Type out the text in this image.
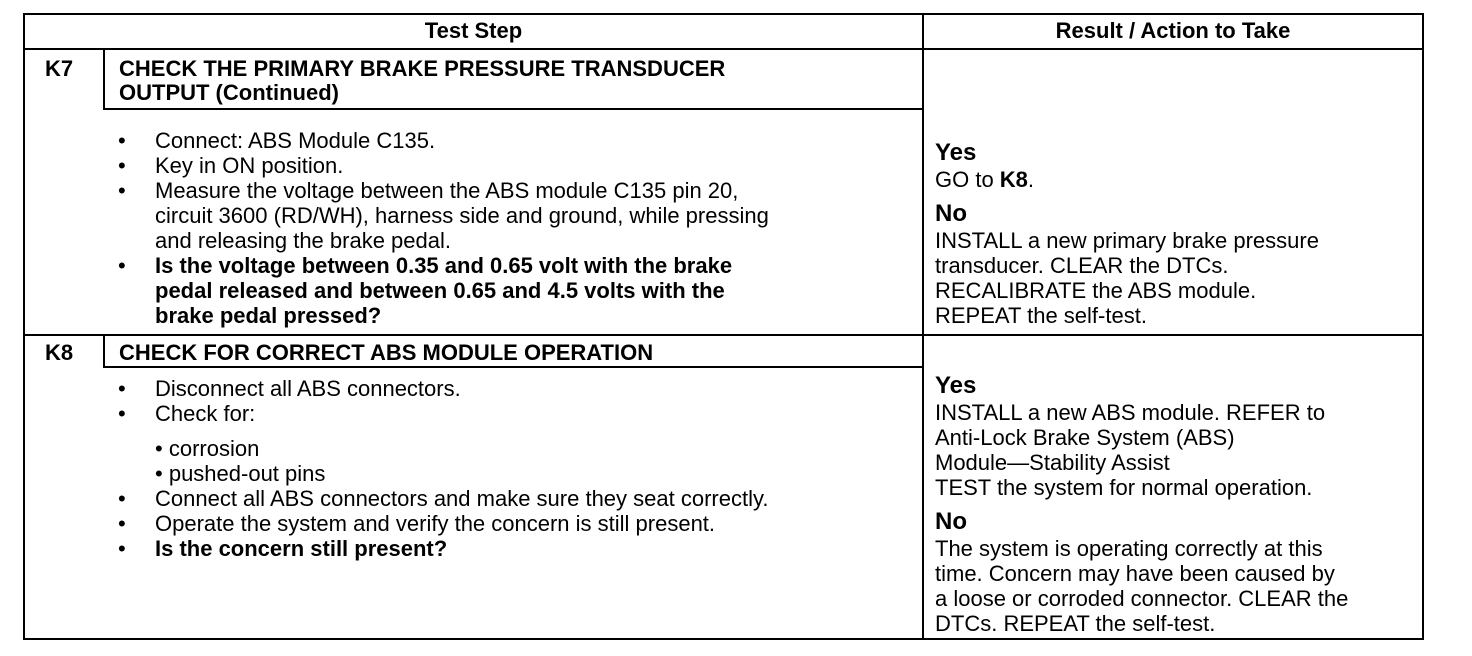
Test Step	Result / Action to Take
K7 CHECK THE PRIMARY BRAKE PRESSURE TRANSDUCER
OUTPUT (Continued)
• Connect: ABS Module C135.
• Key in ON position.
• Measure the voltage between the ABS module C135 pin 20,
circuit 3600 (RD/WH), harness side and ground, while pressing
and releasing the brake pedal.
• Is the voltage between 0.35 and 0.65 volt with the brake
pedal released and between 0.65 and 4.5 volts with the
brake pedal pressed?
Yes
GO to K8.
No
INSTALL a new primary brake pressure
transducer. CLEAR the DTCs.
RECALIBRATE the ABS module.
REPEAT the self-test.
K8 CHECK FOR CORRECT ABS MODULE OPERATION
• Disconnect all ABS connectors.
• Check for:
• corrosion
• pushed-out pins
• Connect all ABS connectors and make sure they seat correctly.
• Operate the system and verify the concern is still present.
• Is the concern still present?
Yes
INSTALL a new ABS module. REFER to
Anti-Lock Brake System (ABS)
Module—Stability Assist
TEST the system for normal operation.
No
The system is operating correctly at this
time. Concern may have been caused by
a loose or corroded connector. CLEAR the
DTCs. REPEAT the self-test.
